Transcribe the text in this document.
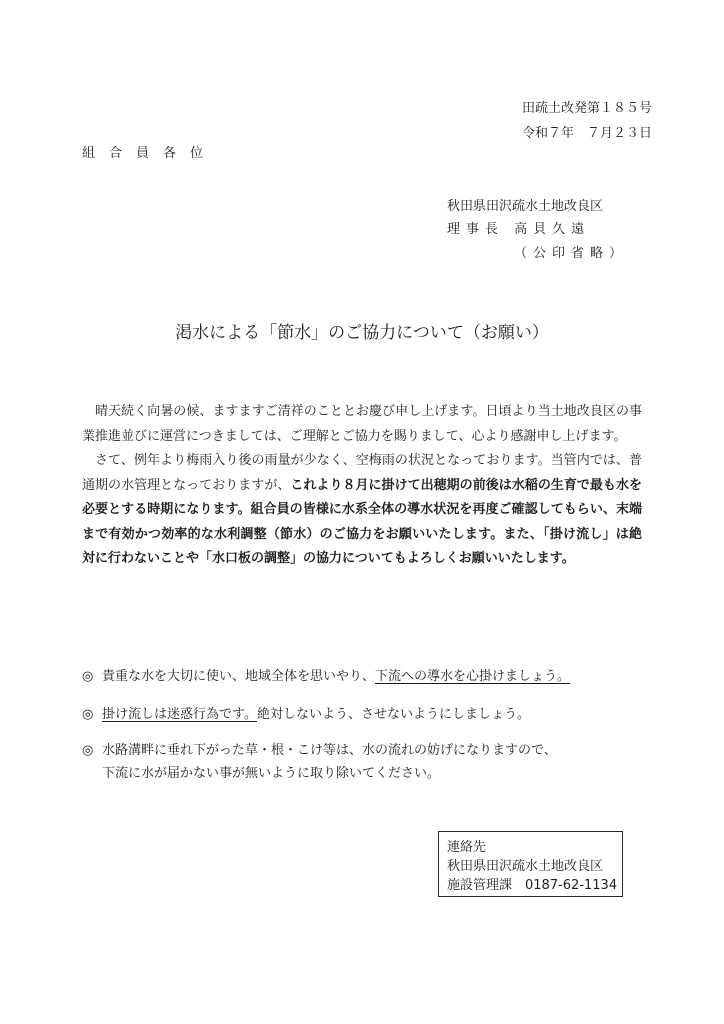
田疏土改発第１８５号
令和７年　７月２３日
組合員各位
秋田県田沢疏水土地改良区
理事長 高貝久遠
（公印省略）
渇水による「節水」のご協力について（お願い）

晴天続く向暑の候、ますますご清祥のこととお慶び申し上げます。日頃より当土地改良区の事業推進並びに運営につきましては、ご理解とご協力を賜りまして、心より感謝申し上げます。

さて、例年より梅雨入り後の雨量が少なく、空梅雨の状況となっております。当管内では、普通期の水管理となっておりますが、これより８月に掛けて出穂期の前後は水稲の生育で最も水を必要とする時期になります。組合員の皆様に水系全体の導水状況を再度ご確認してもらい、末端まで有効かつ効率的な水利調整（節水）のご協力をお願いいたします。また、「掛け流し」は絶対に行わないことや「水口板の調整」の協力についてもよろしくお願いいたします。

◎ 貴重な水を大切に使い、地域全体を思いやり、下流への導水を心掛けましょう。
◎ 掛け流しは迷惑行為です。絶対しないよう、させないようにしましょう。
◎ 水路溝畔に垂れ下がった草・根・こけ等は、水の流れの妨げになりますので、
下流に水が届かない事が無いように取り除いてください。
連絡先
秋田県田沢疏水土地改良区
施設管理課　0187-62-1134
